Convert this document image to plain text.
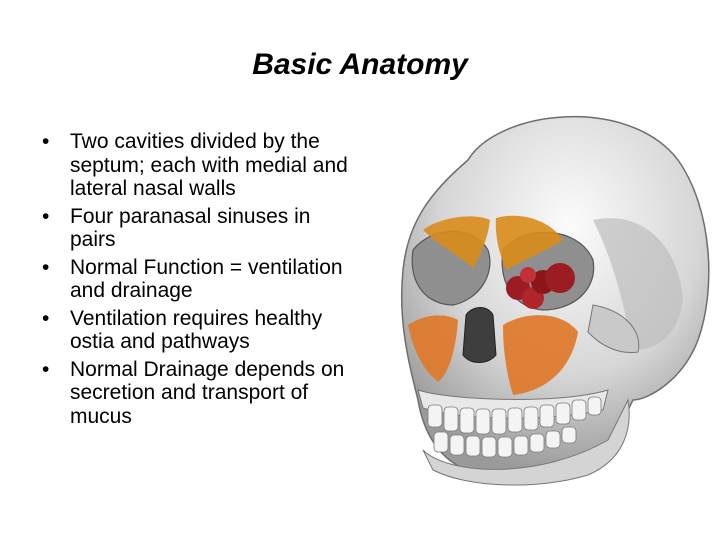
Basic Anatomy
• Two cavities divided by the septum; each with medial and lateral nasal walls
• Four paranasal sinuses in pairs
• Normal Function = ventilation and drainage
• Ventilation requires healthy ostia and pathways
• Normal Drainage depends on secretion and transport of mucus
